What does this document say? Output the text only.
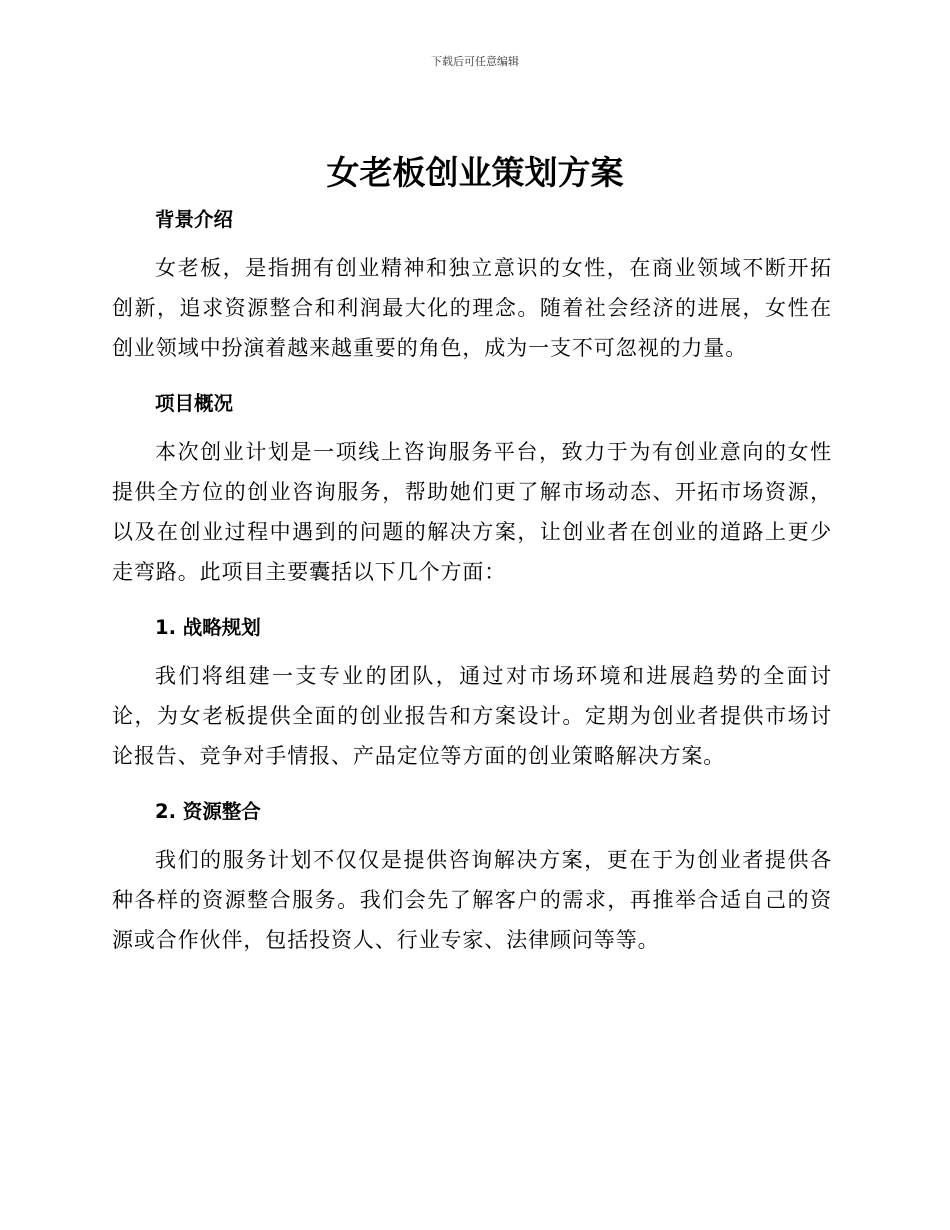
下载后可任意编辑
女老板创业策划方案
背景介绍

女老板，是指拥有创业精神和独立意识的女性，在商业领域不断开拓创新，追求资源整合和利润最大化的理念。随着社会经济的进展，女性在创业领域中扮演着越来越重要的角色，成为一支不可忽视的力量。

项目概况

本次创业计划是一项线上咨询服务平台，致力于为有创业意向的女性提供全方位的创业咨询服务，帮助她们更了解市场动态、开拓市场资源，以及在创业过程中遇到的问题的解决方案，让创业者在创业的道路上更少走弯路。此项目主要囊括以下几个方面：

1. 战略规划

我们将组建一支专业的团队，通过对市场环境和进展趋势的全面讨论，为女老板提供全面的创业报告和方案设计。定期为创业者提供市场讨论报告、竞争对手情报、产品定位等方面的创业策略解决方案。

2. 资源整合

我们的服务计划不仅仅是提供咨询解决方案，更在于为创业者提供各种各样的资源整合服务。我们会先了解客户的需求，再推举合适自己的资源或合作伙伴，包括投资人、行业专家、法律顾问等等。
